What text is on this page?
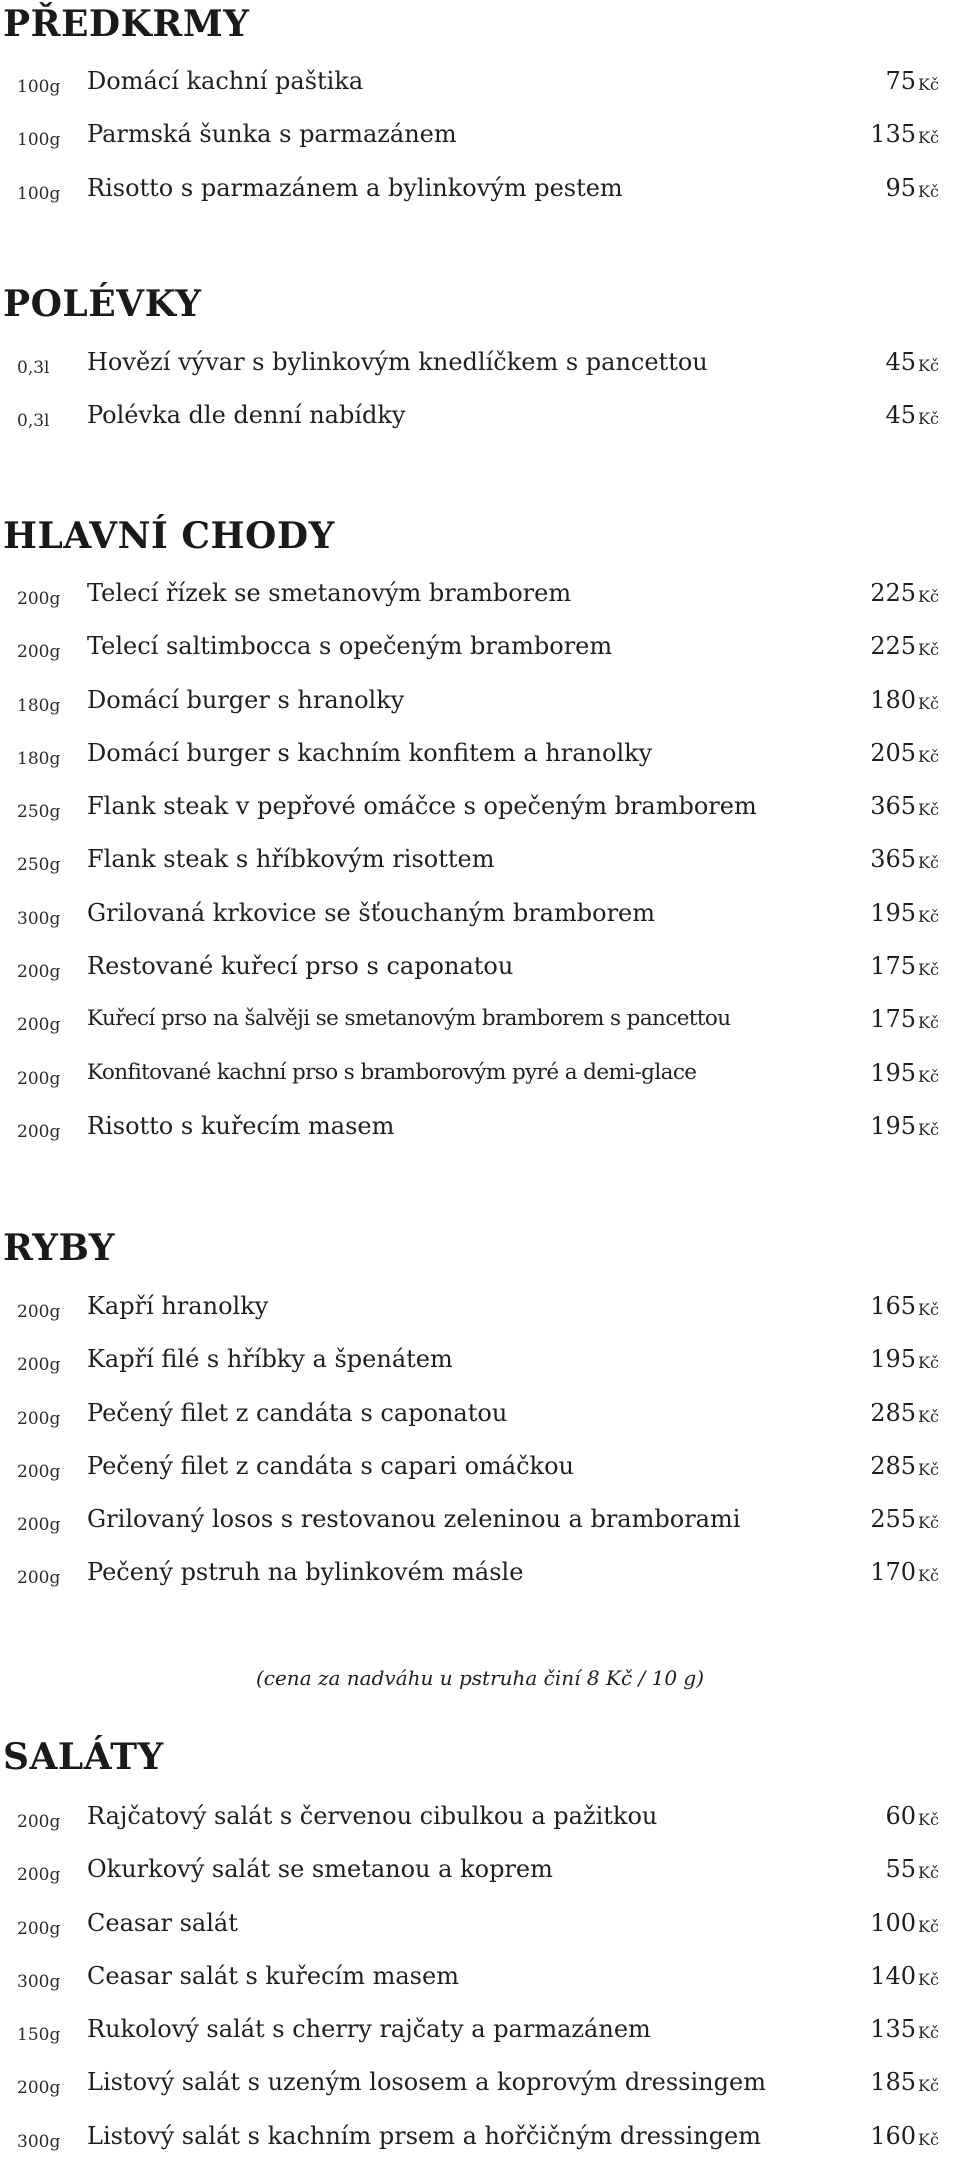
PŘEDKRMY
100g Domácí kachní paštika	75 Kč
100g Parmská šunka s parmazánem	135 Kč
100g Risotto s parmazánem a bylinkovým pestem	95 Kč
POLÉVKY
0,3l Hovězí vývar s bylinkovým knedlíčkem s pancettou	45 Kč
0,3l Polévka dle denní nabídky	45 Kč
HLAVNÍ CHODY
200g Telecí řízek se smetanovým bramborem	225 Kč
200g Telecí saltimbocca s opečeným bramborem	225 Kč
180g Domácí burger s hranolky	180 Kč
180g Domácí burger s kachním konfitem a hranolky	205 Kč
250g Flank steak v pepřové omáčce s opečeným bramborem	365 Kč
250g Flank steak s hříbkovým risottem	365 Kč
300g Grilovaná krkovice se šťouchaným bramborem	195 Kč
200g Restované kuřecí prso s caponatou	175 Kč
200g Kuřecí prso na šalvěji se smetanovým bramborem s pancettou	175 Kč
200g Konfitované kachní prso s bramborovým pyré a demi-glace	195 Kč
200g Risotto s kuřecím masem	195 Kč
RYBY
200g Kapří hranolky	165 Kč
200g Kapří filé s hříbky a špenátem	195 Kč
200g Pečený filet z candáta s caponatou	285 Kč
200g Pečený filet z candáta s capari omáčkou	285 Kč
200g Grilovaný losos s restovanou zeleninou a bramborami	255 Kč
200g Pečený pstruh na bylinkovém másle	170 Kč
(cena za nadváhu u pstruha činí 8 Kč / 10 g)
SALÁTY
200g Rajčatový salát s červenou cibulkou a pažitkou	60 Kč
200g Okurkový salát se smetanou a koprem	55 Kč
200g Ceasar salát	100 Kč
300g Ceasar salát s kuřecím masem	140 Kč
150g Rukolový salát s cherry rajčaty a parmazánem	135 Kč
200g Listový salát s uzeným lososem a koprovým dressingem	185 Kč
300g Listový salát s kachním prsem a hořčičným dressingem	160 Kč
